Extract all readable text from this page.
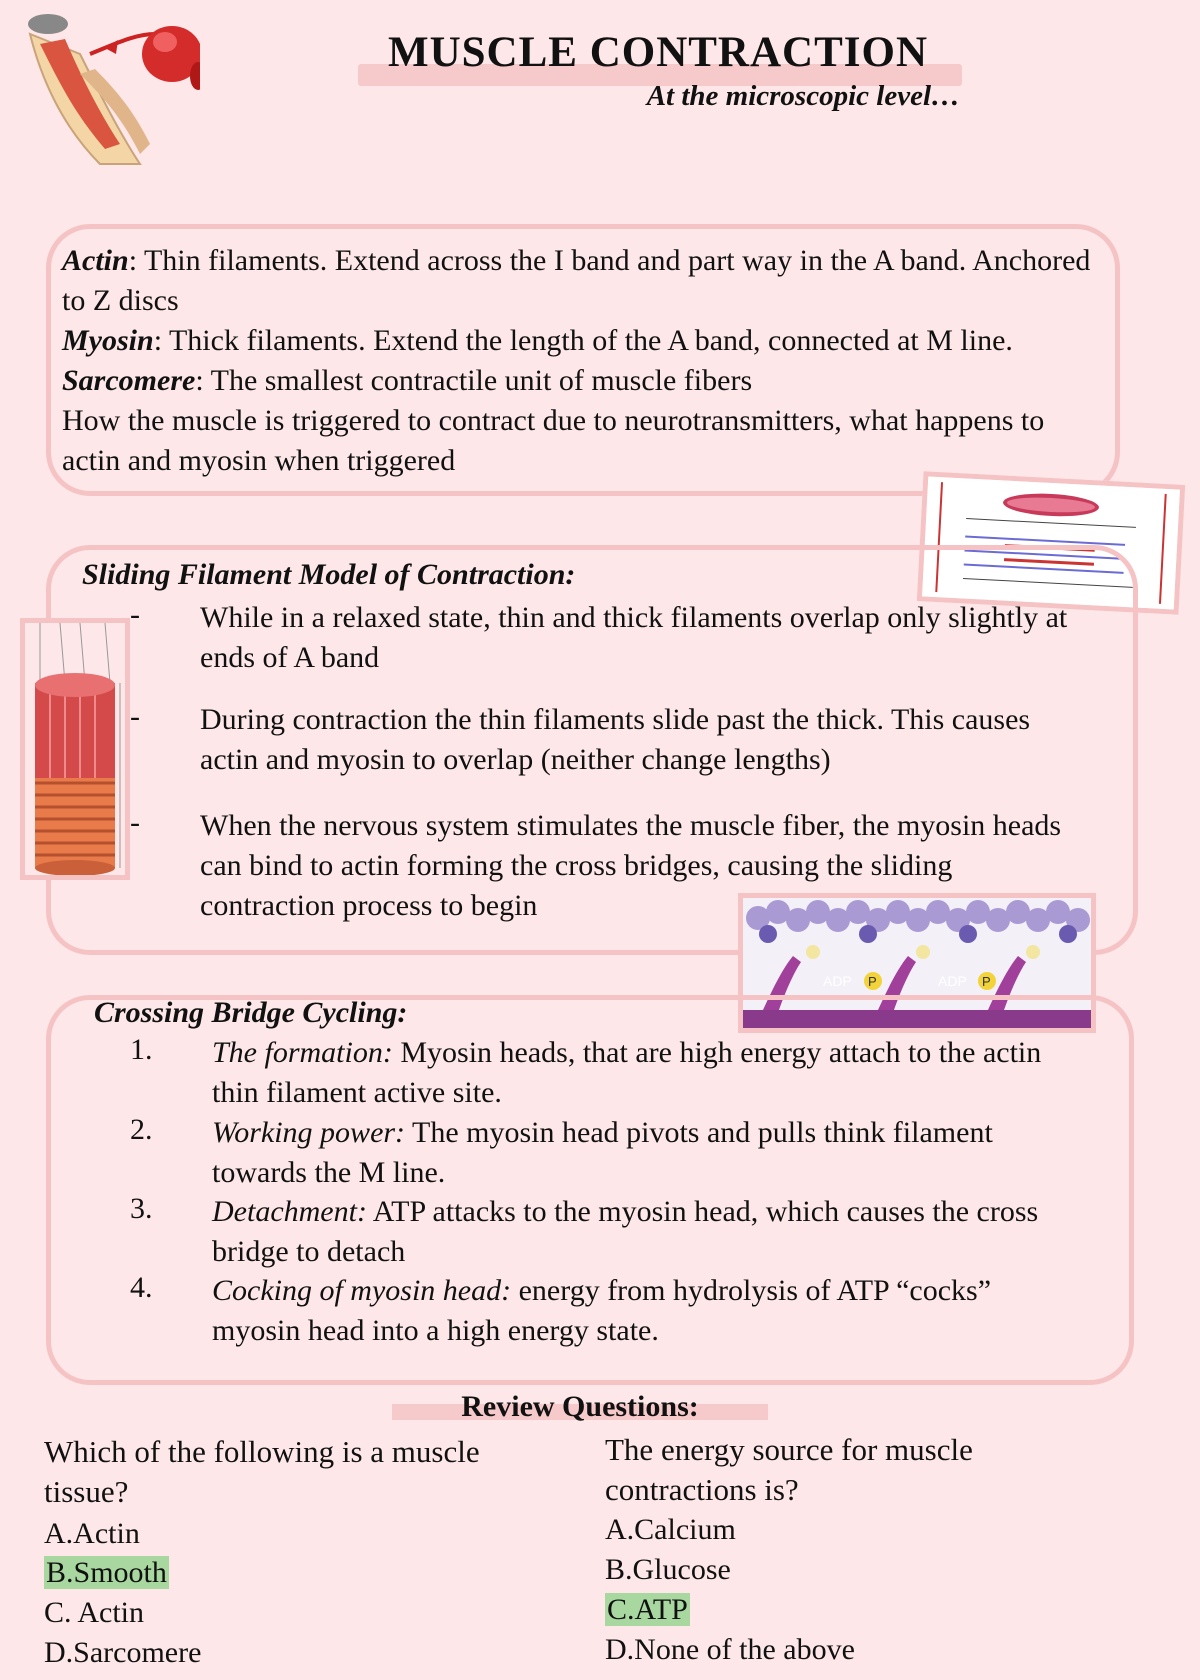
MUSCLE CONTRACTION
At the microscopic level…

Actin: Thin filaments. Extend across the I band and part way in the A band. Anchored to Z discs

Myosin: Thick filaments. Extend the length of the A band, connected at M line.

Sarcomere: The smallest contractile unit of muscle fibers

How the muscle is triggered to contract due to neurotransmitters, what happens to actin and myosin when triggered

Sliding Filament Model of Contraction:
-	While in a relaxed state, thin and thick filaments overlap only slightly at ends of A band
-	During contraction the thin filaments slide past the thick. This causes actin and myosin to overlap (neither change lengths)
-	When the nervous system stimulates the muscle fiber, the myosin heads can bind to actin forming the cross bridges, causing the sliding contraction process to begin
ADP P	ADP P
Crossing Bridge Cycling:
1.	The formation: Myosin heads, that are high energy attach to the actin thin filament active site.
2.	Working power: The myosin head pivots and pulls think filament towards the M line.
3.	Detachment: ATP attacks to the myosin head, which causes the cross bridge to detach
4.	Cocking of myosin head: energy from hydrolysis of ATP “cocks” myosin head into a high energy state.
Review Questions:
Which of the following is a muscle tissue?
A.Actin
B.Smooth
C. Actin
D.Sarcomere
The energy source for muscle contractions is?
A.Calcium
B.Glucose
C.ATP
D.None of the above
